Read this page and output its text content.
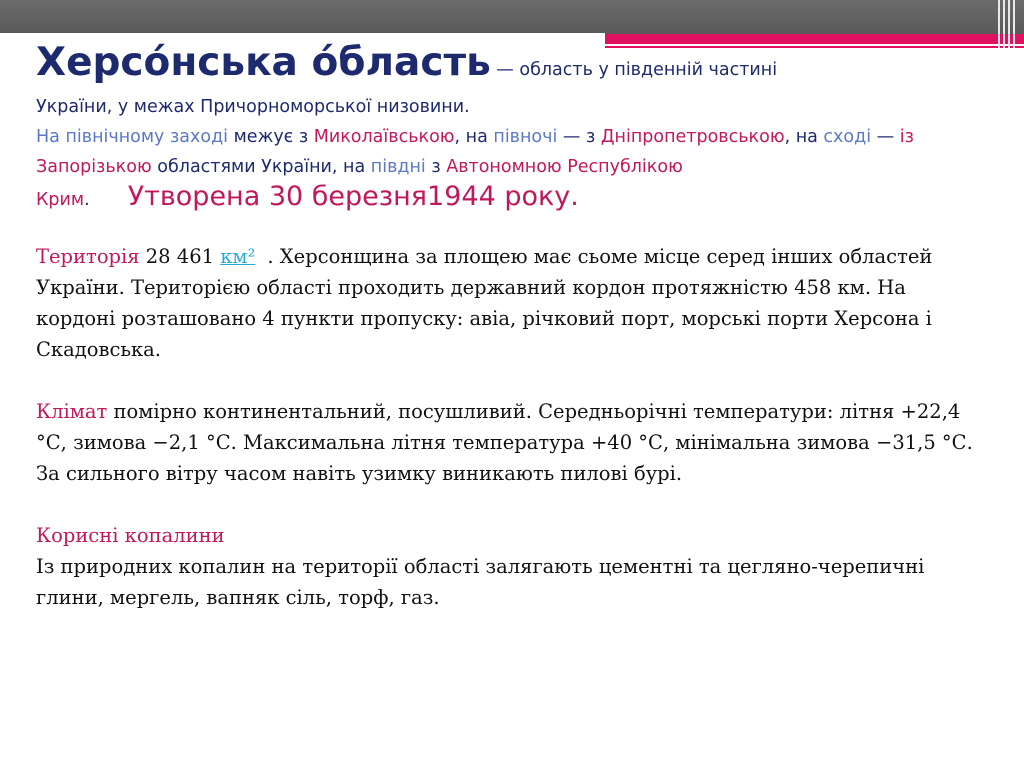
Херсо́нська о́бласть — область у південній частині
України, у межах Причорноморської низовини.
На північному заході межує з Миколаївською, на півночі — з Дніпропетровською, на сході — із Запорізькою областями України, на півдні з Автономною Республікою
Крим. Утворена 30 березня1944 року.
Територія 28 461 км² . Херсонщина за площею має сьоме місце серед інших областей України. Територією області проходить державний кордон протяжністю 458 км. На кордоні розташовано 4 пункти пропуску: авіа, річковий порт, морські порти Херсона і Скадовська.
Клімат помірно континентальний, посушливий. Середньорічні температури: літня +22,4 °С, зимова −2,1 °С. Максимальна літня температура +40 °С, мінімальна зимова −31,5 °С. За сильного вітру часом навіть узимку виникають пилові бурі.
Корисні копалини
Із природних копалин на території області залягають цементні та цегляно-черепичні глини, мергель, вапняк сіль, торф, газ.
